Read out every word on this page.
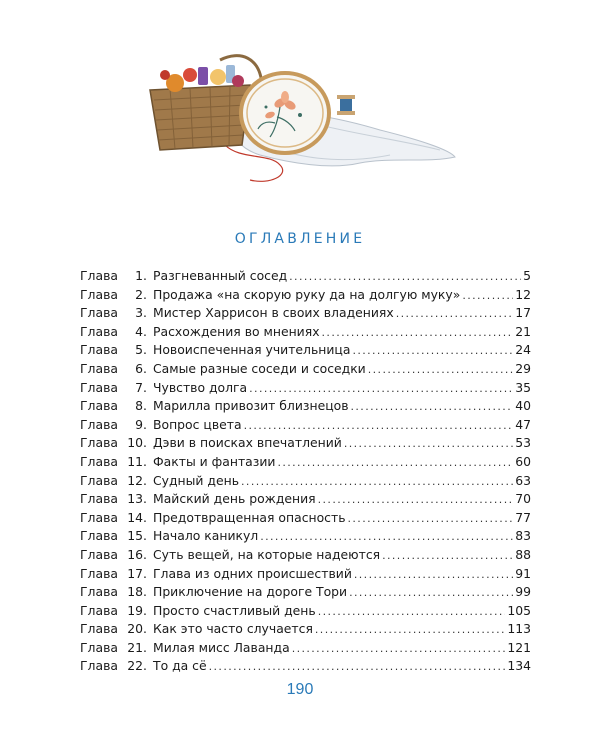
ОГЛАВЛЕНИЕ
Глава	1. Разгневанный сосед .....	5
Глава	2. Продажа «на скорую руку да на долгую муку» .....	12
Глава	3. Мистер Харрисон в своих владениях .....	17
Глава	4. Расхождения во мнениях .....	21
Глава	5. Новоиспеченная учительница .....	24
Глава	6. Самые разные соседи и соседки .....	29
Глава	7. Чувство долга .....	35
Глава	8. Марилла привозит близнецов .....	40
Глава	9. Вопрос цвета .....	47
Глава 10. Дэви в поисках впечатлений .....	53
Глава 11. Факты и фантазии .....	60
Глава 12. Судный день .....	63
Глава 13. Майский день рождения .....	70
Глава 14. Предотвращенная опасность .....	77
Глава 15. Начало каникул .....	83
Глава 16. Суть вещей, на которые надеются .....	88
Глава 17. Глава из одних происшествий .....	91
Глава 18. Приключение на дороге Тори .....	99
Глава 19. Просто счастливый день .....	105
Глава 20. Как это часто случается .....	113
Глава 21. Милая мисс Лаванда .....	121
Глава 22. То да сё .....	134
190
